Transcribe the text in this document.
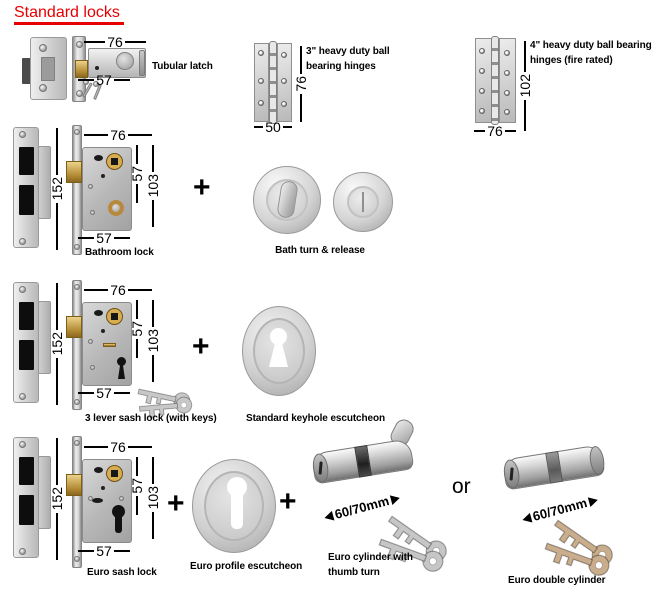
Standard locks
76
57
Tubular latch
76
50
3" heavy duty ball
bearing hinges
102
76
4" heavy duty ball bearing
hinges (fire rated)
152
76
57
103
57
Bathroom lock
+
Bath turn & release
152
76
57
103
57
3 lever sash lock (with keys)
+
Standard keyhole escutcheon
152
76
57
103
57
Euro sash lock
+
Euro profile escutcheon
+	60/70mm
Euro cylinder with
thumb turn
or
60/70mm
Euro double cylinder
